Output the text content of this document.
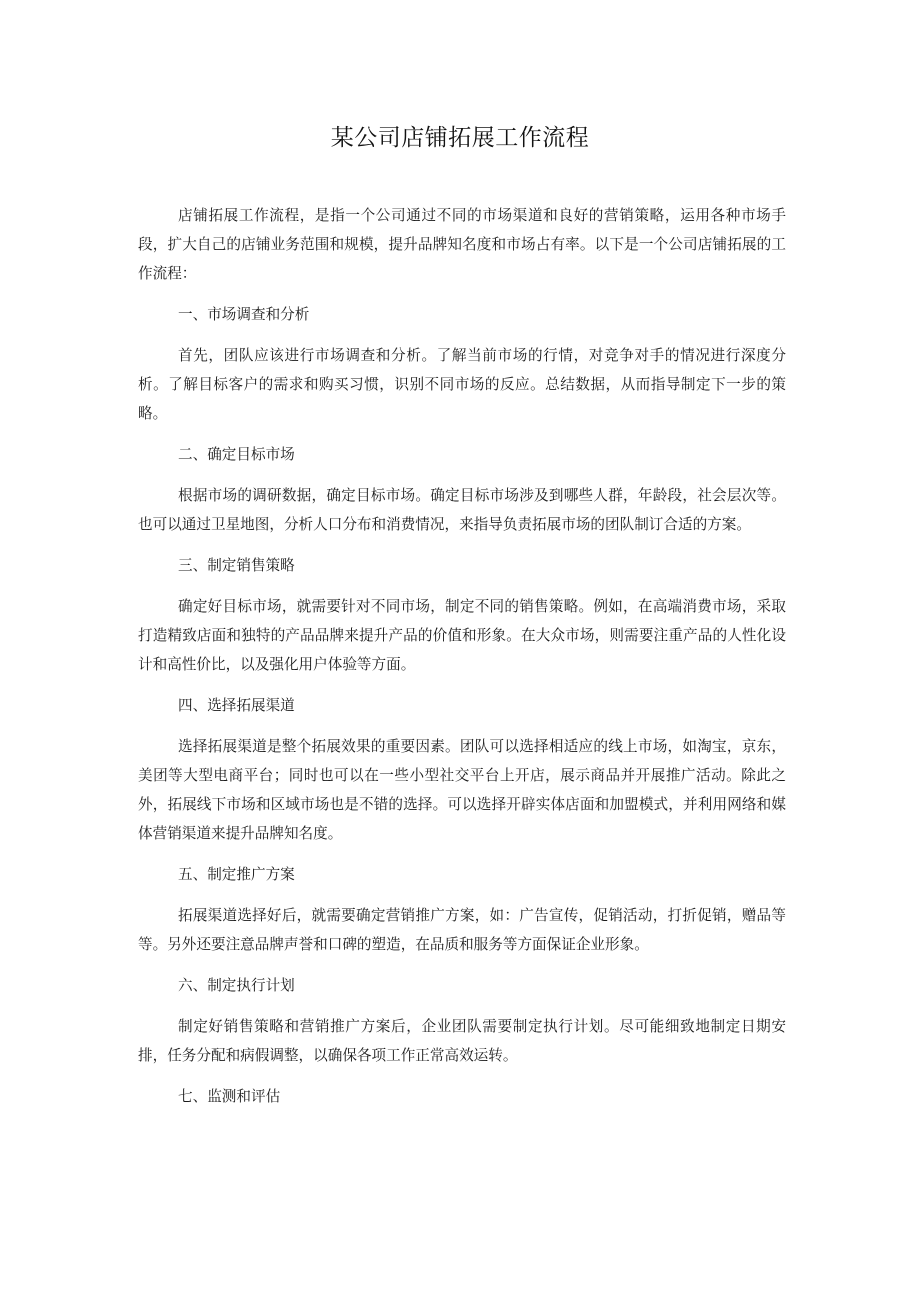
某公司店铺拓展工作流程

店铺拓展工作流程，是指一个公司通过不同的市场渠道和良好的营销策略，运用各种市场手段，扩大自己的店铺业务范围和规模，提升品牌知名度和市场占有率。以下是一个公司店铺拓展的工作流程：

一、市场调查和分析

首先，团队应该进行市场调查和分析。了解当前市场的行情，对竞争对手的情况进行深度分析。了解目标客户的需求和购买习惯，识别不同市场的反应。总结数据，从而指导制定下一步的策略。

二、确定目标市场

根据市场的调研数据，确定目标市场。确定目标市场涉及到哪些人群，年龄段，社会层次等。也可以通过卫星地图，分析人口分布和消费情况，来指导负责拓展市场的团队制订合适的方案。

三、制定销售策略

确定好目标市场，就需要针对不同市场，制定不同的销售策略。例如，在高端消费市场，采取打造精致店面和独特的产品品牌来提升产品的价值和形象。在大众市场，则需要注重产品的人性化设计和高性价比，以及强化用户体验等方面。

四、选择拓展渠道

选择拓展渠道是整个拓展效果的重要因素。团队可以选择相适应的线上市场，如淘宝，京东，美团等大型电商平台；同时也可以在一些小型社交平台上开店，展示商品并开展推广活动。除此之外，拓展线下市场和区域市场也是不错的选择。可以选择开辟实体店面和加盟模式，并利用网络和媒体营销渠道来提升品牌知名度。

五、制定推广方案

拓展渠道选择好后，就需要确定营销推广方案，如：广告宣传，促销活动，打折促销，赠品等等。另外还要注意品牌声誉和口碑的塑造，在品质和服务等方面保证企业形象。

六、制定执行计划

制定好销售策略和营销推广方案后，企业团队需要制定执行计划。尽可能细致地制定日期安排，任务分配和病假调整，以确保各项工作正常高效运转。

七、监测和评估
